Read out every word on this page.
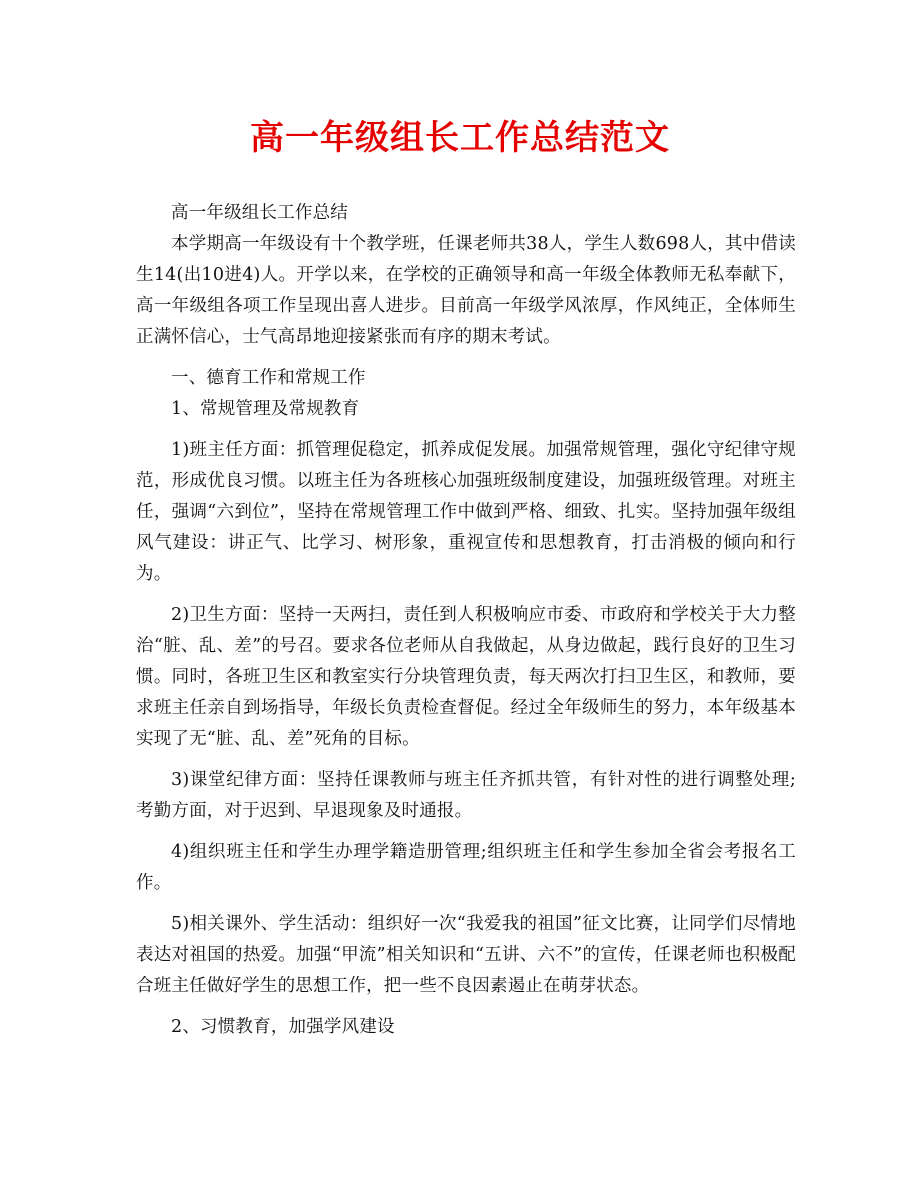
高一年级组长工作总结范文

高一年级组长工作总结

本学期高一年级设有十个教学班，任课老师共38人，学生人数698人，其中借读生14(出10进4)人。开学以来，在学校的正确领导和高一年级全体教师无私奉献下，高一年级组各项工作呈现出喜人进步。目前高一年级学风浓厚，作风纯正，全体师生正满怀信心，士气高昂地迎接紧张而有序的期末考试。

一、德育工作和常规工作

1、常规管理及常规教育

1)班主任方面：抓管理促稳定，抓养成促发展。加强常规管理，强化守纪律守规范，形成优良习惯。以班主任为各班核心加强班级制度建设，加强班级管理。对班主任，强调“六到位”，坚持在常规管理工作中做到严格、细致、扎实。坚持加强年级组风气建设：讲正气、比学习、树形象，重视宣传和思想教育，打击消极的倾向和行为。

2)卫生方面：坚持一天两扫，责任到人积极响应市委、市政府和学校关于大力整治“脏、乱、差”的号召。要求各位老师从自我做起，从身边做起，践行良好的卫生习惯。同时，各班卫生区和教室实行分块管理负责，每天两次打扫卫生区，和教师，要求班主任亲自到场指导，年级长负责检查督促。经过全年级师生的努力，本年级基本实现了无“脏、乱、差”死角的目标。

3)课堂纪律方面：坚持任课教师与班主任齐抓共管，有针对性的进行调整处理;考勤方面，对于迟到、早退现象及时通报。

4)组织班主任和学生办理学籍造册管理;组织班主任和学生参加全省会考报名工作。

5)相关课外、学生活动：组织好一次“我爱我的祖国”征文比赛，让同学们尽情地表达对祖国的热爱。加强“甲流”相关知识和“五讲、六不”的宣传，任课老师也积极配合班主任做好学生的思想工作，把一些不良因素遏止在萌芽状态。

2、习惯教育，加强学风建设
